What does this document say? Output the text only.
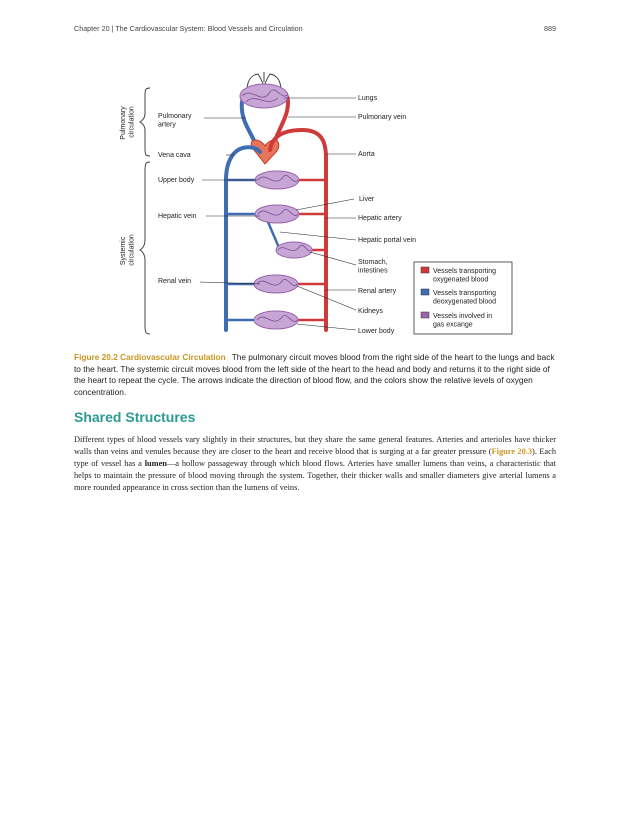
Chapter 20 | The Cardiovascular System: Blood Vessels and Circulation	889
Pulmonary circulation
Systemic circulation
Pulmonary artery
Vena cava
Upper body
Hepatic vein
Renal vein
Lungs
Pulmonary vein
Aorta
Liver
Hepatic artery
Hepatic portal vein
Stomach, intestines
Renal artery
Kidneys
Lower body
Vessels transporting oxygenated blood
Vessels transporting deoxygenated blood
Vessels involved in gas excange
Figure 20.2 Cardiovascular Circulation The pulmonary circuit moves blood from the right side of the heart to the lungs and back to the heart. The systemic circuit moves blood from the left side of the heart to the head and body and returns it to the right side of the heart to repeat the cycle. The arrows indicate the direction of blood flow, and the colors show the relative levels of oxygen concentration.
Shared Structures

Different types of blood vessels vary slightly in their structures, but they share the same general features. Arteries and arterioles have thicker walls than veins and venules because they are closer to the heart and receive blood that is surging at a far greater pressure (Figure 20.3). Each type of vessel has a lumen—a hollow passageway through which blood flows. Arteries have smaller lumens than veins, a characteristic that helps to maintain the pressure of blood moving through the system. Together, their thicker walls and smaller diameters give arterial lumens a more rounded appearance in cross section than the lumens of veins.
